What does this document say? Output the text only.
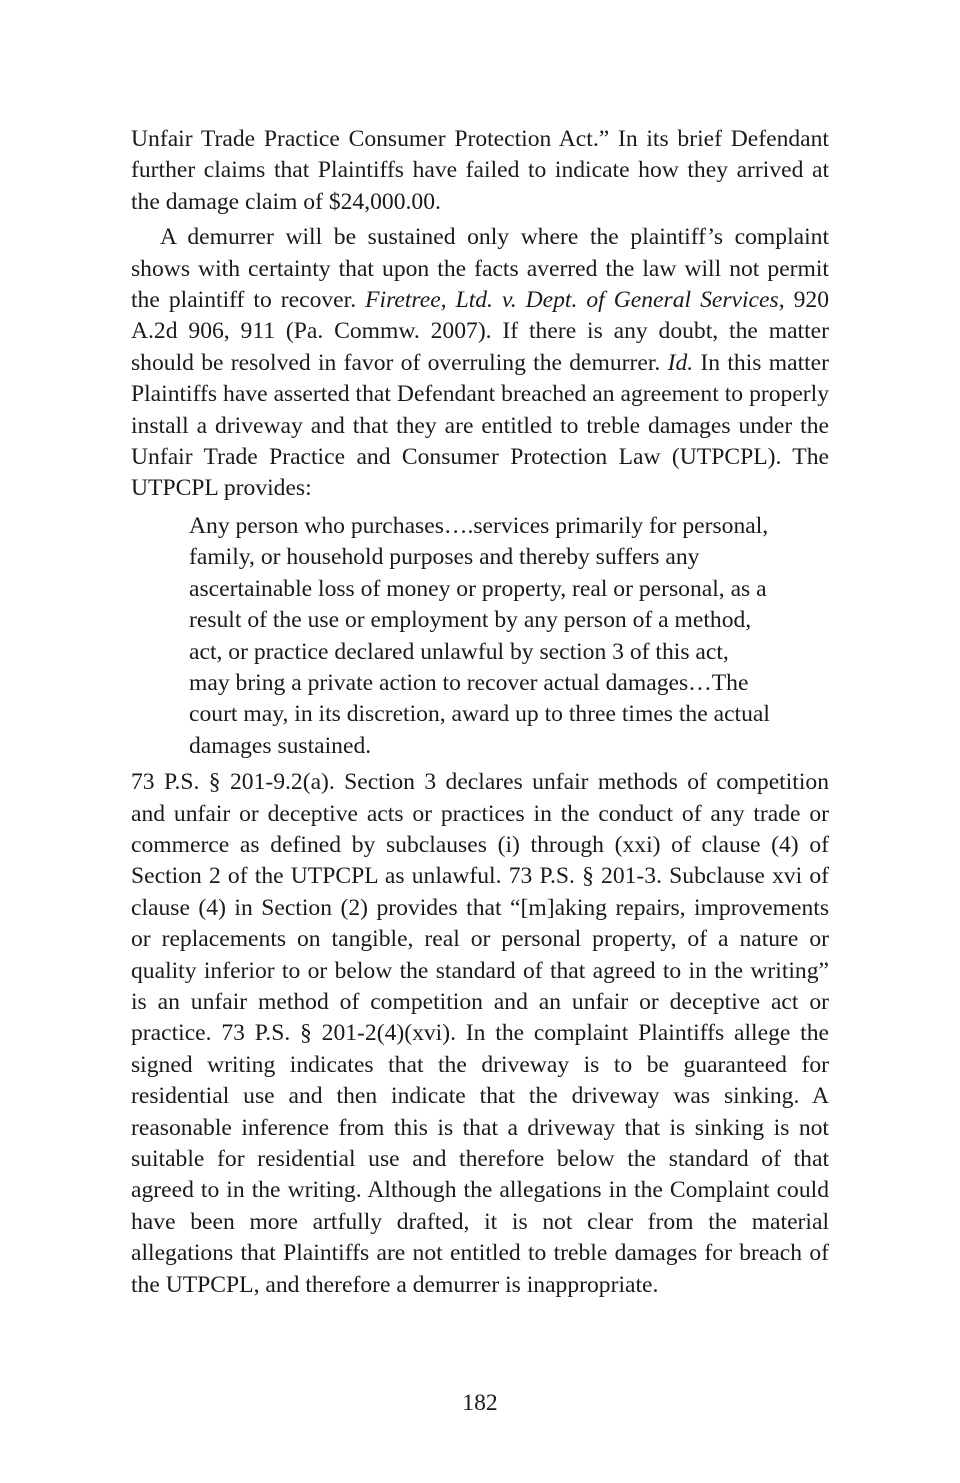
Unfair Trade Practice Consumer Protection Act.” In its brief Defendant further claims that Plaintiffs have failed to indicate how they arrived at the damage claim of $24,000.00.

A demurrer will be sustained only where the plaintiff’s complaint shows with certainty that upon the facts averred the law will not permit the plaintiff to recover. Firetree, Ltd. v. Dept. of General Services, 920 A.2d 906, 911 (Pa. Commw. 2007). If there is any doubt, the matter should be resolved in favor of overruling the demurrer. Id. In this matter Plaintiffs have asserted that Defendant breached an agreement to properly install a driveway and that they are entitled to treble damages under the Unfair Trade Practice and Consumer Protection Law (UTPCPL). The UTPCPL provides:

Any person who purchases….services primarily for personal, family, or household purposes and thereby suffers any ascertainable loss of money or property, real or personal, as a result of the use or employment by any person of a method, act, or practice declared unlawful by section 3 of this act, may bring a private action to recover actual damages…The court may, in its discretion, award up to three times the actual damages sustained.

73 P.S. § 201-9.2(a). Section 3 declares unfair methods of competition and unfair or deceptive acts or practices in the conduct of any trade or commerce as defined by subclauses (i) through (xxi) of clause (4) of Section 2 of the UTPCPL as unlawful. 73 P.S. § 201-3. Subclause xvi of clause (4) in Section (2) provides that “[m]aking repairs, improvements or replacements on tangible, real or personal property, of a nature or quality inferior to or below the standard of that agreed to in the writing” is an unfair method of competition and an unfair or deceptive act or practice. 73 P.S. § 201-2(4)(xvi). In the complaint Plaintiffs allege the signed writing indicates that the driveway is to be guaranteed for residential use and then indicate that the driveway was sinking. A reasonable inference from this is that a driveway that is sinking is not suitable for residential use and therefore below the standard of that agreed to in the writing. Although the allegations in the Complaint could have been more artfully drafted, it is not clear from the material allegations that Plaintiffs are not entitled to treble damages for breach of the UTPCPL, and therefore a demurrer is inappropriate.

182
